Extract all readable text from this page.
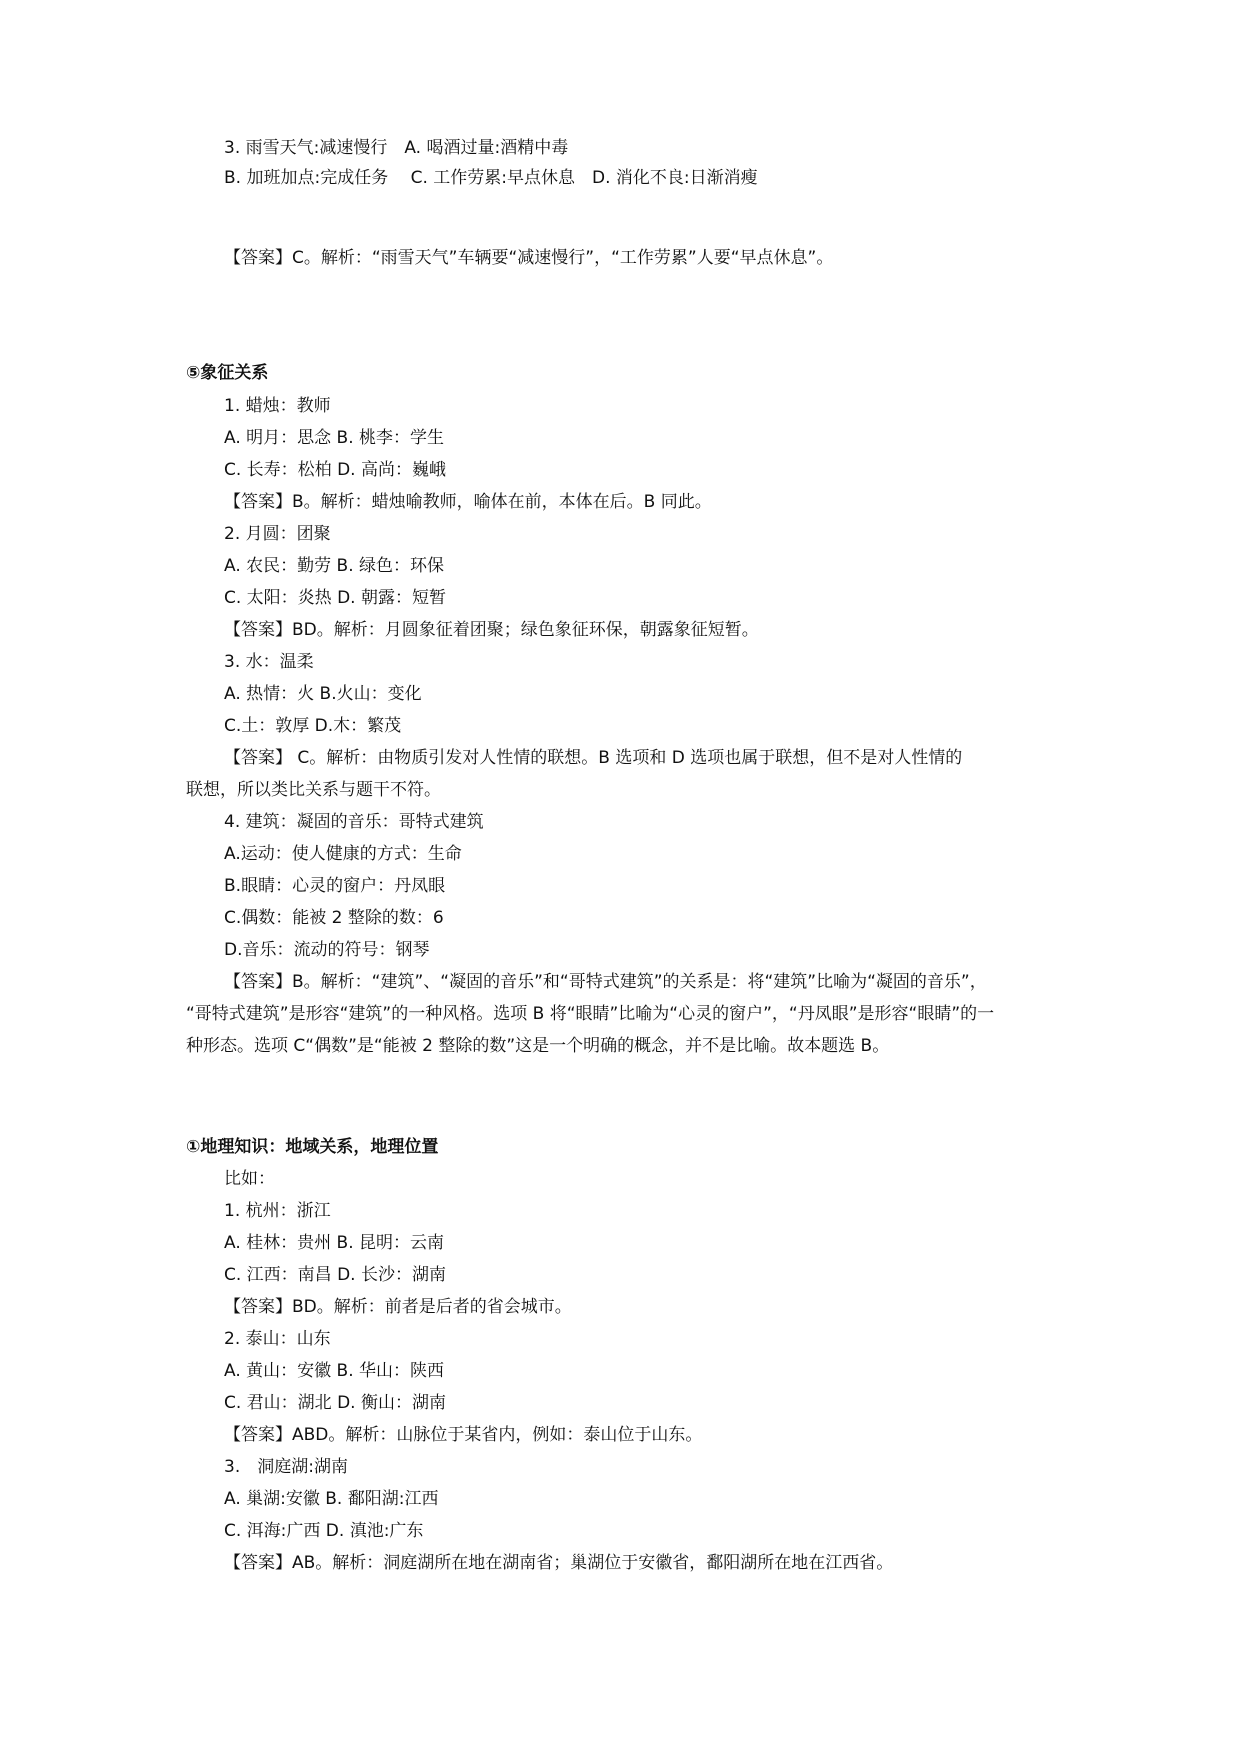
3. 雨雪天气:减速慢行　A. 喝酒过量:酒精中毒
B. 加班加点:完成任务　 C. 工作劳累:早点休息　D. 消化不良:日渐消瘦
【答案】C。解析：“雨雪天气”车辆要“减速慢行”，“工作劳累”人要“早点休息”。
⑤象征关系
1. 蜡烛：教师
A. 明月：思念 B. 桃李：学生
C. 长寿：松柏 D. 高尚：巍峨
【答案】B。解析：蜡烛喻教师，喻体在前，本体在后。B 同此。
2. 月圆：团聚
A. 农民：勤劳 B. 绿色：环保
C. 太阳：炎热 D. 朝露：短暂
【答案】BD。解析：月圆象征着团聚；绿色象征环保，朝露象征短暂。
3. 水：温柔
A. 热情：火 B.火山：变化
C.土：敦厚 D.木：繁茂
【答案】 C。解析：由物质引发对人性情的联想。B 选项和 D 选项也属于联想，但不是对人性情的
联想，所以类比关系与题干不符。
4. 建筑：凝固的音乐：哥特式建筑
A.运动：使人健康的方式：生命
B.眼睛：心灵的窗户：丹凤眼
C.偶数：能被 2 整除的数：6
D.音乐：流动的符号：钢琴
【答案】B。解析：“建筑”、“凝固的音乐”和“哥特式建筑”的关系是：将“建筑”比喻为“凝固的音乐”，
“哥特式建筑”是形容“建筑”的一种风格。选项 B 将“眼睛”比喻为“心灵的窗户”，“丹凤眼”是形容“眼睛”的一
种形态。选项 C“偶数”是“能被 2 整除的数”这是一个明确的概念，并不是比喻。故本题选 B。
①地理知识：地域关系，地理位置
比如：
1. 杭州：浙江
A. 桂林：贵州 B. 昆明：云南
C. 江西：南昌 D. 长沙：湖南
【答案】BD。解析：前者是后者的省会城市。
2. 泰山：山东
A. 黄山：安徽 B. 华山：陕西
C. 君山：湖北 D. 衡山：湖南
【答案】ABD。解析：山脉位于某省内，例如：泰山位于山东。
3.　洞庭湖:湖南
A. 巢湖:安徽 B. 鄱阳湖:江西
C. 洱海:广西 D. 滇池:广东
【答案】AB。解析：洞庭湖所在地在湖南省；巢湖位于安徽省，鄱阳湖所在地在江西省。
